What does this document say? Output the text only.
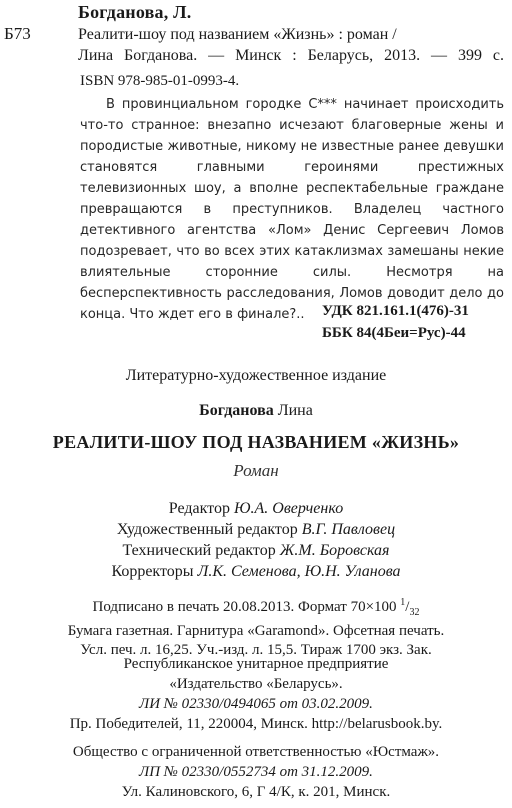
Богданова, Л.
Б73	Реалити-шоу под названием «Жизнь» : роман /
Лина Богданова. — Минск : Беларусь, 2013. — 399 с.
ISBN 978-985-01-0993-4.
В провинциальном городке С*** начинает происходить что-то странное: внезапно исчезают благоверные жены и породистые животные, никому не известные ранее девушки становятся главными героинями престижных телевизионных шоу, а вполне респектабельные граждане превращаются в преступников. Владелец частного детективного агентства «Лом» Денис Сергеевич Ломов подозревает, что во всех этих катаклизмах замешаны некие влиятельные сторонние силы. Несмотря на бесперспективность расследования, Ломов доводит дело до конца. Что ждет его в финале?..	УДК 821.161.1(476)-31
ББК 84(4Беи=Рус)-44
Литературно-художественное издание
Богданова Лина
РЕАЛИТИ-ШОУ ПОД НАЗВАНИЕМ «ЖИЗНЬ»
Роман
Редактор Ю.А. Оверченко
Художественный редактор В.Г. Павловец
Технический редактор Ж.М. Боровская
Корректоры Л.К. Семенова, Ю.Н. Уланова
Подписано в печать 20.08.2013. Формат 70×100 $^1/_{32}$
Бумага газетная. Гарнитура «Garamond». Офсетная печать.
Усл. печ. л. 16,25. Уч.-изд. л. 15,5. Тираж 1700 экз. Зак.
Республиканское унитарное предприятие
«Издательство «Беларусь».
ЛИ № 02330/0494065 от 03.02.2009.
Пр. Победителей, 11, 220004, Минск. http://belarusbook.by.
Общество с ограниченной ответственностью «Юстмаж».
ЛП № 02330/0552734 от 31.12.2009.
Ул. Калиновского, 6, Г 4/К, к. 201, Минск.
